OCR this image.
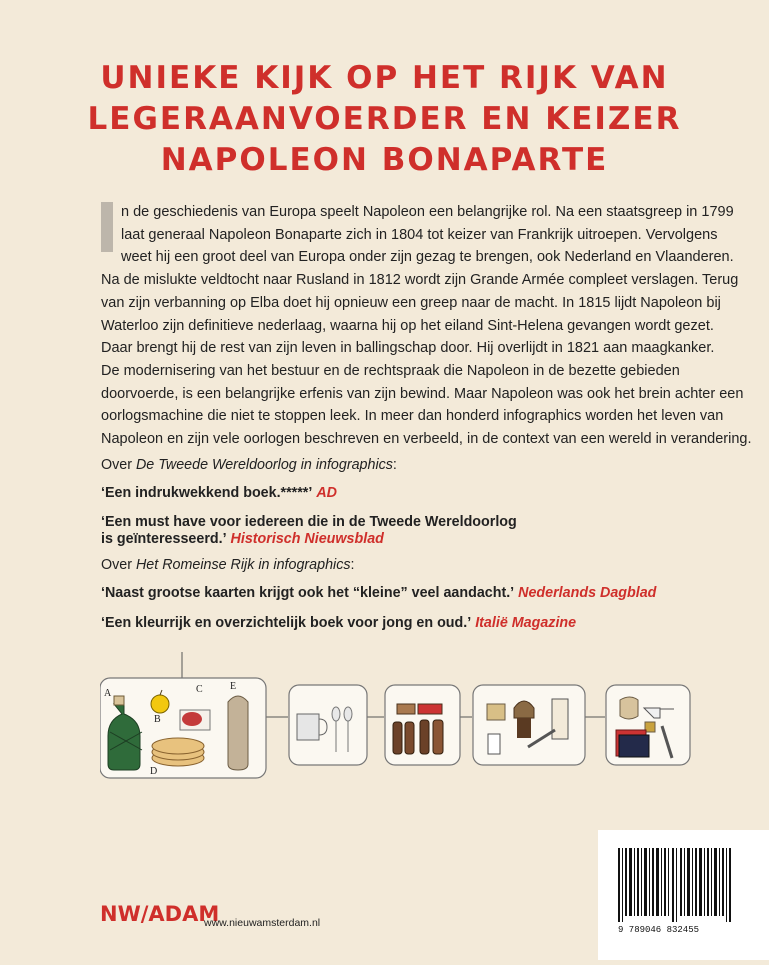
UNIEKE KIJK OP HET RIJK VAN
LEGERAANVOERDER EN KEIZER
NAPOLEON BONAPARTE
n de geschiedenis van Europa speelt Napoleon een belangrijke rol. Na een staatsgreep in 1799
laat generaal Napoleon Bonaparte zich in 1804 tot keizer van Frankrijk uitroepen. Vervolgens
weet hij een groot deel van Europa onder zijn gezag te brengen, ook Nederland en Vlaanderen.
Na de mislukte veldtocht naar Rusland in 1812 wordt zijn Grande Armée compleet verslagen. Terug
van zijn verbanning op Elba doet hij opnieuw een greep naar de macht. In 1815 lijdt Napoleon bij
Waterloo zijn definitieve nederlaag, waarna hij op het eiland Sint-Helena gevangen wordt gezet.
Daar brengt hij de rest van zijn leven in ballingschap door. Hij overlijdt in 1821 aan maagkanker.
De modernisering van het bestuur en de rechtspraak die Napoleon in de bezette gebieden
doorvoerde, is een belangrijke erfenis van zijn bewind. Maar Napoleon was ook het brein achter een
oorlogsmachine die niet te stoppen leek. In meer dan honderd infographics worden het leven van
Napoleon en zijn vele oorlogen beschreven en verbeeld, in de context van een wereld in verandering.
Over De Tweede Wereldoorlog in infographics:
‘Een indrukwekkend boek.*****’ AD
‘Een must have voor iedereen die in de Tweede Wereldoorlog
is geïnteresseerd.’ Historisch Nieuwsblad
Over Het Romeinse Rijk in infographics:
‘Naast grootse kaarten krijgt ook het “kleine” veel aandacht.’ Nederlands Dagblad
‘Een kleurrijk en overzichtelijk boek voor jong en oud.’ Italië Magazine
A
B
C
D
E
9 789046 832455
NW/ADAM
www.nieuwamsterdam.nl
